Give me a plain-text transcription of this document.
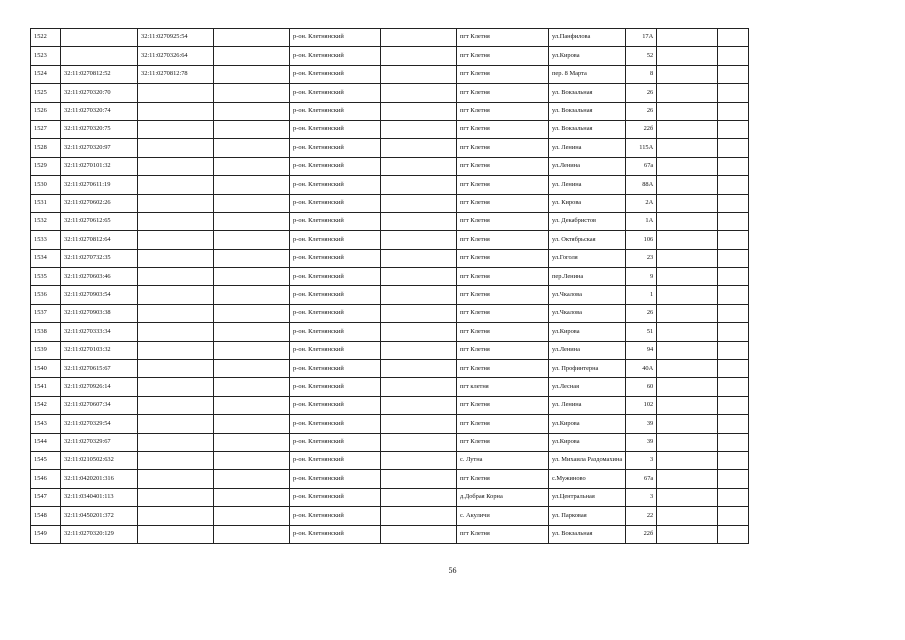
1522		32:11:0270925:54		р-он. Клетнянский		пгт Клетня	ул.Панфилова	17А		
1523		32:11:0270326:64		р-он. Клетнянский		пгт Клетня	ул.Кирова	52		
1524	32:11:0270812:52	32:11:0270812:78		р-он. Клетнянский		пгт Клетня	пер. 8 Марта	8		
1525	32:11:0270320:70			р-он. Клетнянский		пгт Клетня	ул. Вокзальная	26		
1526	32:11:0270320:74			р-он. Клетнянский		пгт Клетня	ул. Вокзальная	26		
1527	32:11:0270320:75			р-он. Клетнянский		пгт Клетня	ул. Вокзальная	22б		
1528	32:11:0270320:97			р-он. Клетнянский		пгт Клетня	ул. Ленина	115А		
1529	32:11:0270101:32			р-он. Клетнянский		пгт Клетня	ул.Ленина	67а		
1530	32:11:0270611:19			р-он. Клетнянский		пгт Клетня	ул. Ленина	88А		
1531	32:11:0270602:26			р-он. Клетнянский		пгт Клетня	ул. Кирова	2А		
1532	32:11:0270612:65			р-он. Клетнянский		пгт Клетня	ул. Декабристов	1А		
1533	32:11:0270812:64			р-он. Клетнянский		пгт Клетня	ул. Октябрьская	106		
1534	32:11:0270732:35			р-он. Клетнянский		пгт Клетня	ул.Гоголя	23		
1535	32:11:0270603:46			р-он. Клетнянский		пгт Клетня	пер.Ленина	9		
1536	32:11:0270903:54			р-он. Клетнянский		пгт Клетня	ул.Чкалова	1		
1537	32:11:0270903:38			р-он. Клетнянский		пгт Клетня	ул.Чкалова	26		
1538	32:11:0270333:34			р-он. Клетнянский		пгт Клетня	ул.Кирова	51		
1539	32:11:0270103:32			р-он. Клетнянский		пгт Клетня	ул.Ленина	94		
1540	32:11:0270615:67			р-он. Клетнянский		пгт Клетня	ул. Профинтерна	40А		
1541	32:11:0270926:14			р-он. Клетнянский		пгт клетня	ул.Лесная	60		
1542	32:11:0270607:34			р-он. Клетнянский		пгт Клетня	ул. Ленина	102		
1543	32:11:0270329:54			р-он. Клетнянский		пгт Клетня	ул.Кирова	39		
1544	32:11:0270329:67			р-он. Клетнянский		пгт Клетня	ул.Кирова	39		
1545	32:11:0210502:632			р-он. Клетнянский		с. Лутна	ул. Михаила Раздомахина	3		
1546	32:11:0420201:316			р-он. Клетнянский		пгт Клетня	с.Мужиново	67а		
1547	32:11:0340401:113			р-он. Клетнянский		д.Добрая Корна	ул.Центральная	3		
1548	32:11:0450201:372			р-он. Клетнянский		с. Акуличи	ул. Парковая	22		
1549	32:11:0270320:129			р-он. Клетнянский		пгт Клетня	ул. Вокзальная	22б		
56
